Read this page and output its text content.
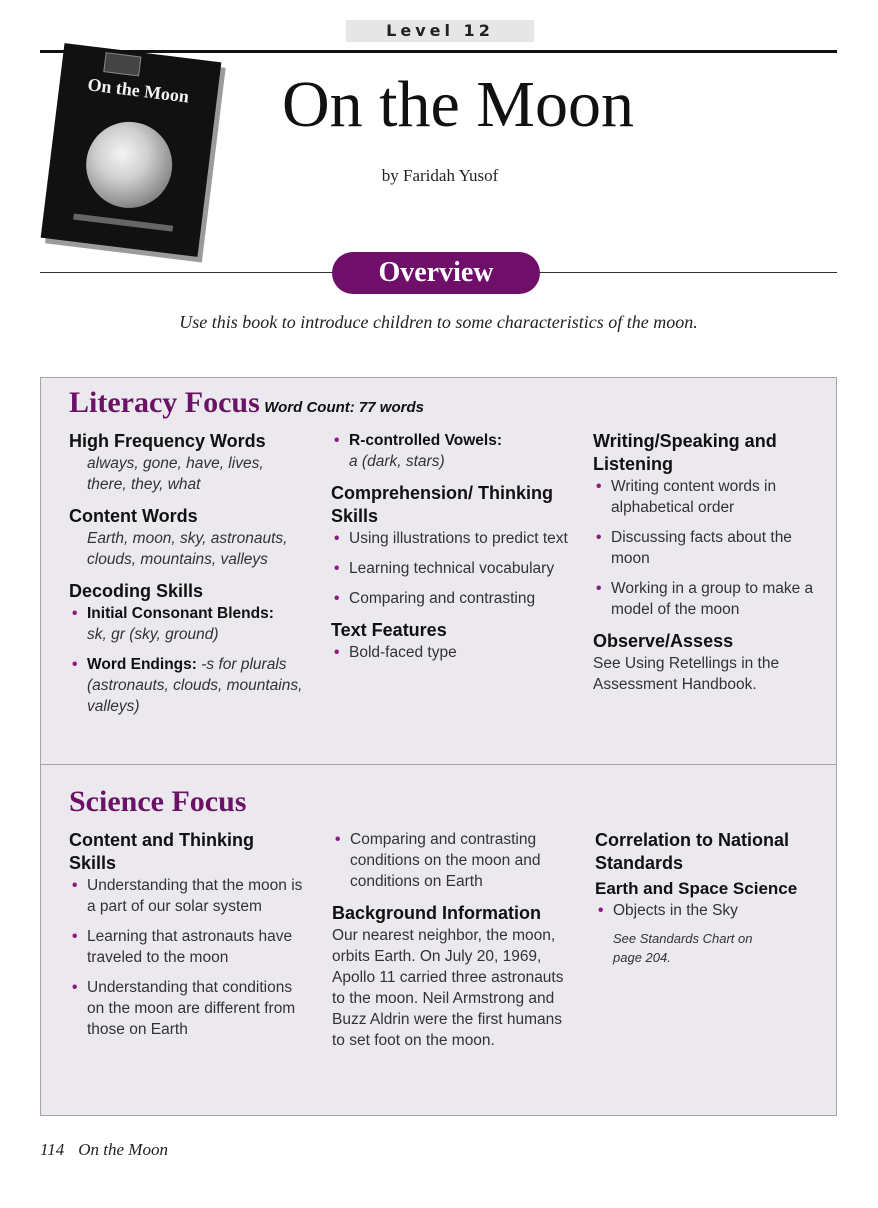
Level 12
On the Moon	On the Moon
by Faridah Yusof
Overview
Use this book to introduce children to some characteristics of the moon.
Literacy Focus Word Count: 77 words

High Frequency Words

always, gone, have, lives, there, they, what

Content Words

Earth, moon, sky, astronauts, clouds, mountains, valleys

Decoding Skills

• Initial Consonant Blends:
sk, gr (sky, ground)
• Word Endings: -s for plurals (astronauts, clouds, mountains, valleys)
• R-controlled Vowels:
a (dark, stars)

Comprehension/ Thinking Skills

• Using illustrations to predict text
• Learning technical vocabulary
• Comparing and contrasting

Text Features

• Bold-faced type

Writing/Speaking and Listening

• Writing content words in alphabetical order
• Discussing facts about the moon
• Working in a group to make a model of the moon

Observe/Assess

See Using Retellings in the Assessment Handbook.

Science Focus

Content and Thinking Skills

• Understanding that the moon is a part of our solar system
• Learning that astronauts have traveled to the moon
• Understanding that conditions on the moon are different from those on Earth
• Comparing and contrasting conditions on the moon and conditions on Earth

Background Information

Our nearest neighbor, the moon, orbits Earth. On July 20, 1969, Apollo 11 carried three astronauts to the moon. Neil Armstrong and Buzz Aldrin were the first humans to set foot on the moon.

Correlation to National Standards

Earth and Space Science

• Objects in the Sky

See Standards Chart on page 204.

114 On the Moon
